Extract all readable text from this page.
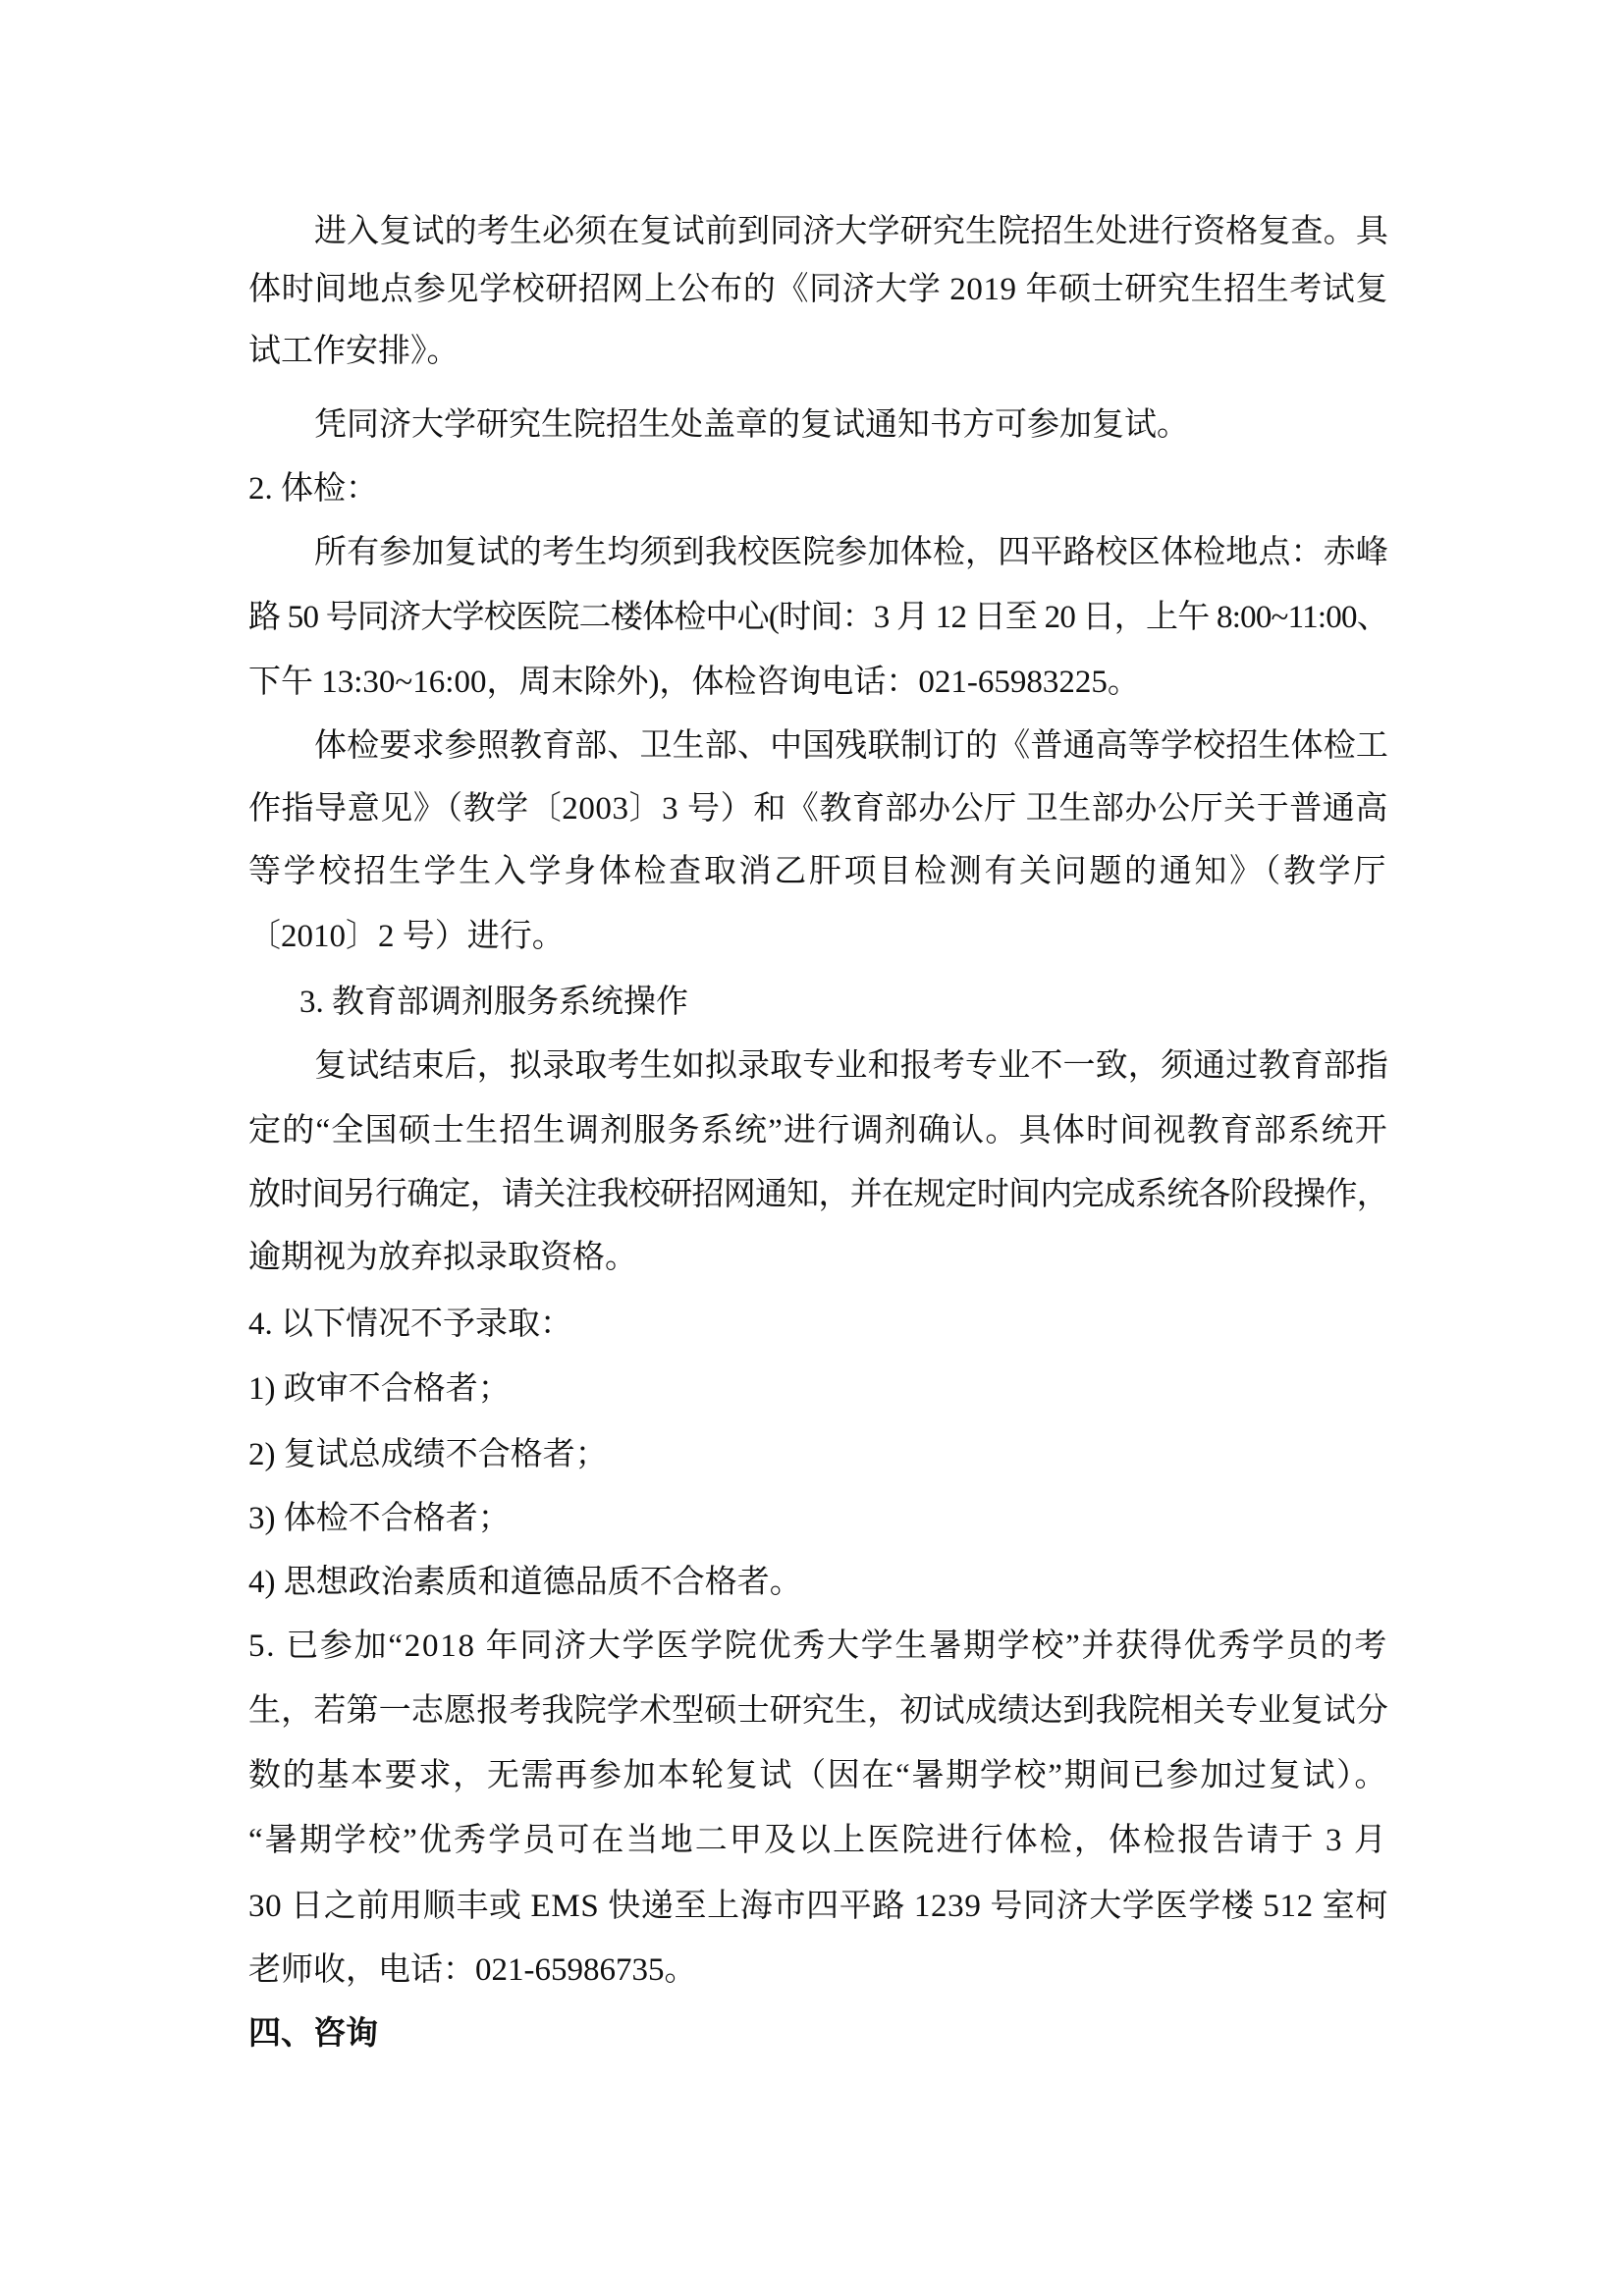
进入复试的考生必须在复试前到同济大学研究生院招生处进行资格复查。具
体时间地点参见学校研招网上公布的《同济大学 2019 年硕士研究生招生考试复
试工作安排》。
凭同济大学研究生院招生处盖章的复试通知书方可参加复试。
2. 体检：
所有参加复试的考生均须到我校医院参加体检，四平路校区体检地点：赤峰
路 50 号同济大学校医院二楼体检中心(时间：3 月 12 日至 20 日，上午 8:00~11:00、
下午 13:30~16:00，周末除外)，体检咨询电话：021-65983225。
体检要求参照教育部、卫生部、中国残联制订的《普通高等学校招生体检工
作指导意见》（教学〔2003〕3 号）和《教育部办公厅 卫生部办公厅关于普通高
等学校招生学生入学身体检查取消乙肝项目检测有关问题的通知》（教学厅
〔2010〕2 号）进行。
3. 教育部调剂服务系统操作
复试结束后，拟录取考生如拟录取专业和报考专业不一致，须通过教育部指
定的“全国硕士生招生调剂服务系统”进行调剂确认。具体时间视教育部系统开
放时间另行确定，请关注我校研招网通知，并在规定时间内完成系统各阶段操作，
逾期视为放弃拟录取资格。
4. 以下情况不予录取：
1) 政审不合格者；
2) 复试总成绩不合格者；
3) 体检不合格者；
4) 思想政治素质和道德品质不合格者。
5. 已参加“2018 年同济大学医学院优秀大学生暑期学校”并获得优秀学员的考
生，若第一志愿报考我院学术型硕士研究生，初试成绩达到我院相关专业复试分
数的基本要求，无需再参加本轮复试（因在“暑期学校”期间已参加过复试）。
“暑期学校”优秀学员可在当地二甲及以上医院进行体检，体检报告请于 3 月
30 日之前用顺丰或 EMS 快递至上海市四平路 1239 号同济大学医学楼 512 室柯
老师收，电话：021-65986735。
四、咨询
